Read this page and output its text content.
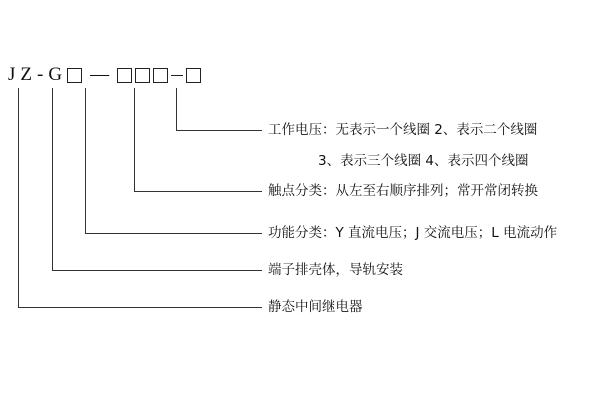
J Z - G —
工作电压：无表示一个线圈 2、表示二个线圈
3、表示三个线圈 4、表示四个线圈
触点分类：从左至右顺序排列；常开常闭转换
功能分类：Y 直流电压；J 交流电压；L 电流动作
端子排壳体，导轨安装
静态中间继电器
